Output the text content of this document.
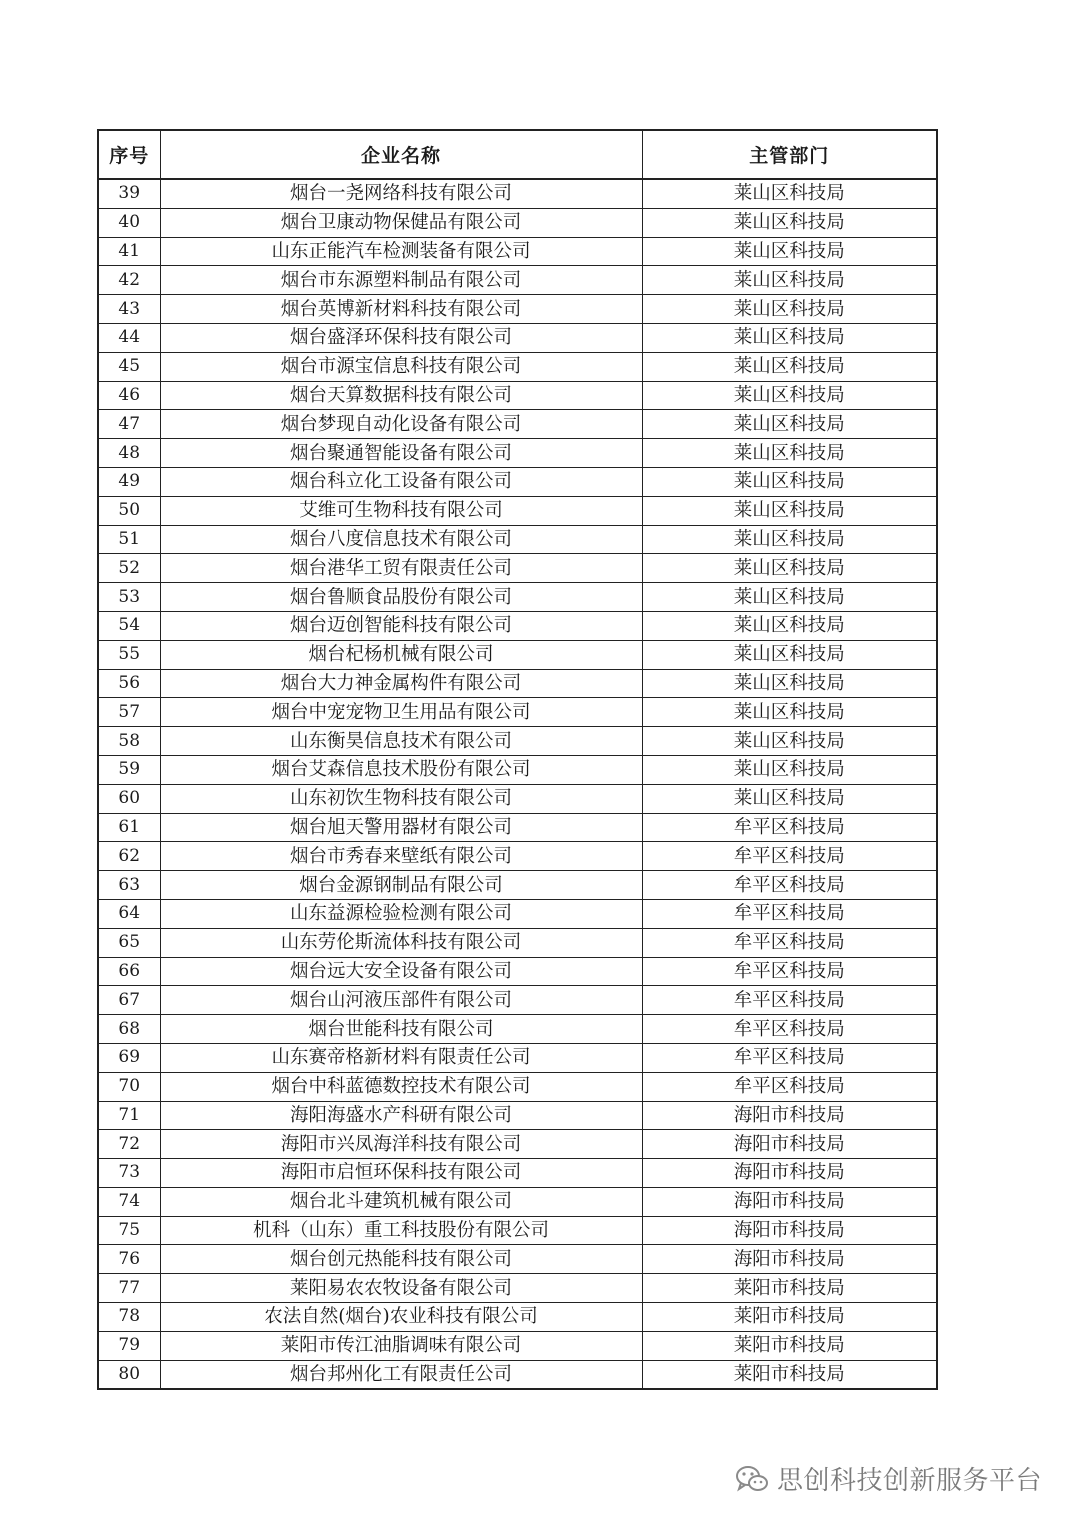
序号	企业名称	主管部门
39	烟台一尧网络科技有限公司	莱山区科技局
40	烟台卫康动物保健品有限公司	莱山区科技局
41	山东正能汽车检测装备有限公司	莱山区科技局
42	烟台市东源塑料制品有限公司	莱山区科技局
43	烟台英博新材料科技有限公司	莱山区科技局
44	烟台盛泽环保科技有限公司	莱山区科技局
45	烟台市源宝信息科技有限公司	莱山区科技局
46	烟台天算数据科技有限公司	莱山区科技局
47	烟台梦现自动化设备有限公司	莱山区科技局
48	烟台聚通智能设备有限公司	莱山区科技局
49	烟台科立化工设备有限公司	莱山区科技局
50	艾维可生物科技有限公司	莱山区科技局
51	烟台八度信息技术有限公司	莱山区科技局
52	烟台港华工贸有限责任公司	莱山区科技局
53	烟台鲁顺食品股份有限公司	莱山区科技局
54	烟台迈创智能科技有限公司	莱山区科技局
55	烟台杞杨机械有限公司	莱山区科技局
56	烟台大力神金属构件有限公司	莱山区科技局
57	烟台中宠宠物卫生用品有限公司	莱山区科技局
58	山东衡昊信息技术有限公司	莱山区科技局
59	烟台艾森信息技术股份有限公司	莱山区科技局
60	山东初饮生物科技有限公司	莱山区科技局
61	烟台旭天警用器材有限公司	牟平区科技局
62	烟台市秀春来壁纸有限公司	牟平区科技局
63	烟台金源钢制品有限公司	牟平区科技局
64	山东益源检验检测有限公司	牟平区科技局
65	山东劳伦斯流体科技有限公司	牟平区科技局
66	烟台远大安全设备有限公司	牟平区科技局
67	烟台山河液压部件有限公司	牟平区科技局
68	烟台世能科技有限公司	牟平区科技局
69	山东赛帝格新材料有限责任公司	牟平区科技局
70	烟台中科蓝德数控技术有限公司	牟平区科技局
71	海阳海盛水产科研有限公司	海阳市科技局
72	海阳市兴凤海洋科技有限公司	海阳市科技局
73	海阳市启恒环保科技有限公司	海阳市科技局
74	烟台北斗建筑机械有限公司	海阳市科技局
75	机科（山东）重工科技股份有限公司	海阳市科技局
76	烟台创元热能科技有限公司	海阳市科技局
77	莱阳易农农牧设备有限公司	莱阳市科技局
78	农法自然(烟台)农业科技有限公司	莱阳市科技局
79	莱阳市传江油脂调味有限公司	莱阳市科技局
80	烟台邦州化工有限责任公司	莱阳市科技局
思创科技创新服务平台
